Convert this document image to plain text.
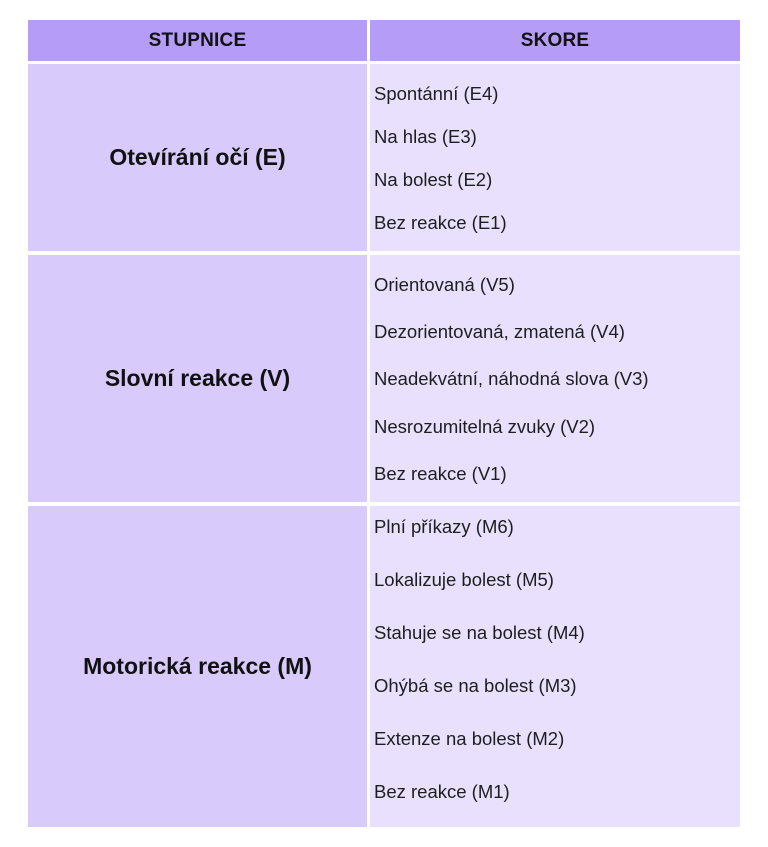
STUPNICE	SKORE
Otevírání očí (E)
Spontánní (E4)
Na hlas (E3)
Na bolest (E2)
Bez reakce (E1)
Slovní reakce (V)
Orientovaná (V5)
Dezorientovaná, zmatená (V4)
Neadekvátní, náhodná slova (V3)
Nesrozumitelná zvuky (V2)
Bez reakce (V1)
Motorická reakce (M)
Plní příkazy (M6)
Lokalizuje bolest (M5)
Stahuje se na bolest (M4)
Ohýbá se na bolest (M3)
Extenze na bolest (M2)
Bez reakce (M1)
